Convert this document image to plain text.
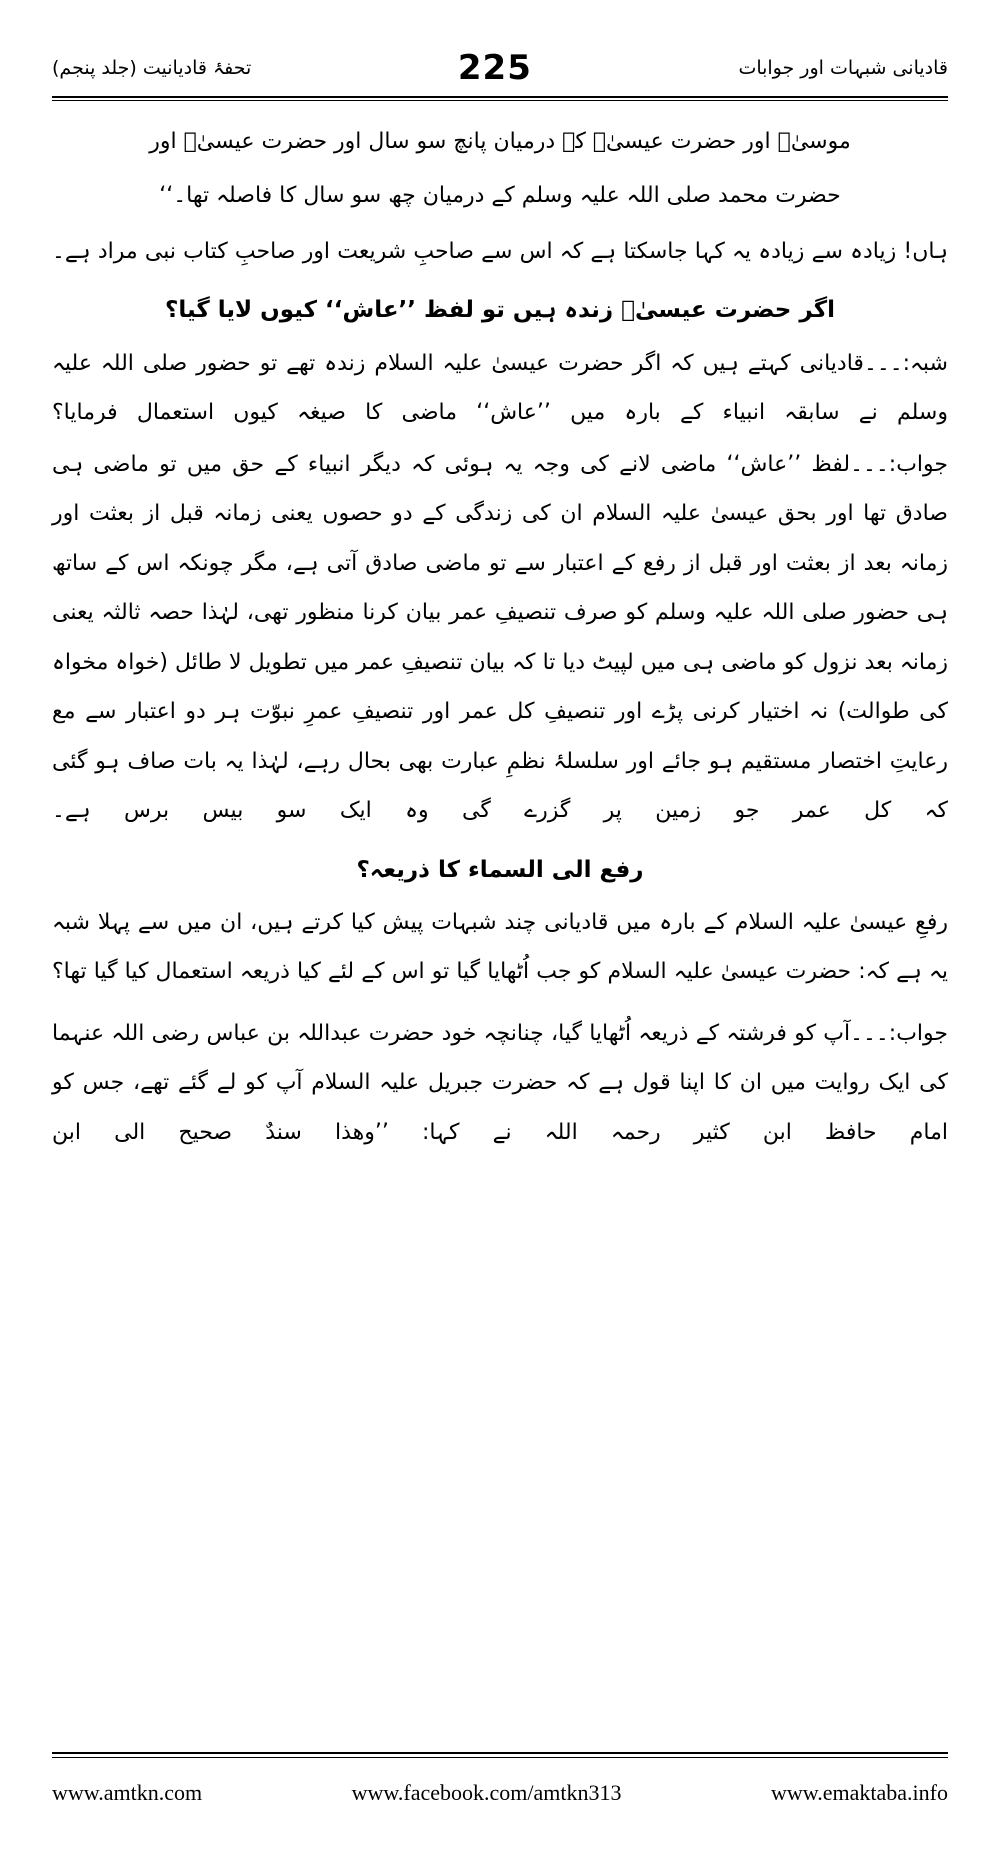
تحفۂ قادیانیت (جلد پنجم)	225	قادیانی شبہات اور جوابات
موسیٰؑ اور حضرت عیسیٰؑ کے درمیان پانچ سو سال اور حضرت عیسیٰؑ اور
حضرت محمد صلی اللہ علیہ وسلم کے درمیان چھ سو سال کا فاصلہ تھا۔‘‘
ہاں! زیادہ سے زیادہ یہ کہا جاسکتا ہے کہ اس سے صاحبِ شریعت اور صاحبِ کتاب نبی مراد ہے۔
اگر حضرت عیسیٰؑ زندہ ہیں تو لفظ ’’عاش‘‘ کیوں لایا گیا؟
شبہ:۔۔۔قادیانی کہتے ہیں کہ اگر حضرت عیسیٰ علیہ السلام زندہ تھے تو حضور صلی اللہ علیہ وسلم نے سابقہ انبیاء کے بارہ میں ’’عاش‘‘ ماضی کا صیغہ کیوں استعمال فرمایا؟
جواب:۔۔۔لفظ ’’عاش‘‘ ماضی لانے کی وجہ یہ ہوئی کہ دیگر انبیاء کے حق میں تو ماضی ہی صادق تھا اور بحق عیسیٰ علیہ السلام ان کی زندگی کے دو حصوں یعنی زمانہ قبل از بعثت اور زمانہ بعد از بعثت اور قبل از رفع کے اعتبار سے تو ماضی صادق آتی ہے، مگر چونکہ اس کے ساتھ ہی حضور صلی اللہ علیہ وسلم کو صرف تنصیفِ عمر بیان کرنا منظور تھی، لہٰذا حصہ ثالثہ یعنی زمانہ بعد نزول کو ماضی ہی میں لپیٹ دیا تا کہ بیان تنصیفِ عمر میں تطویل لا طائل (خواہ مخواہ کی طوالت) نہ اختیار کرنی پڑے اور تنصیفِ کل عمر اور تنصیفِ عمرِ نبوّت ہر دو اعتبار سے مع رعایتِ اختصار مستقیم ہو جائے اور سلسلۂ نظمِ عبارت بھی بحال رہے، لہٰذا یہ بات صاف ہو گئی کہ کل عمر جو زمین پر گزرے گی وہ ایک سو بیس برس ہے۔
رفع الی السماء کا ذریعہ؟
رفعِ عیسیٰ علیہ السلام کے بارہ میں قادیانی چند شبہات پیش کیا کرتے ہیں، ان میں سے پہلا شبہ یہ ہے کہ: حضرت عیسیٰ علیہ السلام کو جب اُٹھایا گیا تو اس کے لئے کیا ذریعہ استعمال کیا گیا تھا؟
جواب:۔۔۔آپ کو فرشتہ کے ذریعہ اُٹھایا گیا، چنانچہ خود حضرت عبداللہ بن عباس رضی اللہ عنہما کی ایک روایت میں ان کا اپنا قول ہے کہ حضرت جبریل علیہ السلام آپ کو لے گئے تھے، جس کو امام حافظ ابن کثیر رحمہ اللہ نے کہا: ’’وھذا سندٌ صحیح الی ابن
www.amtkn.com	www.facebook.com/amtkn313	www.emaktaba.info
